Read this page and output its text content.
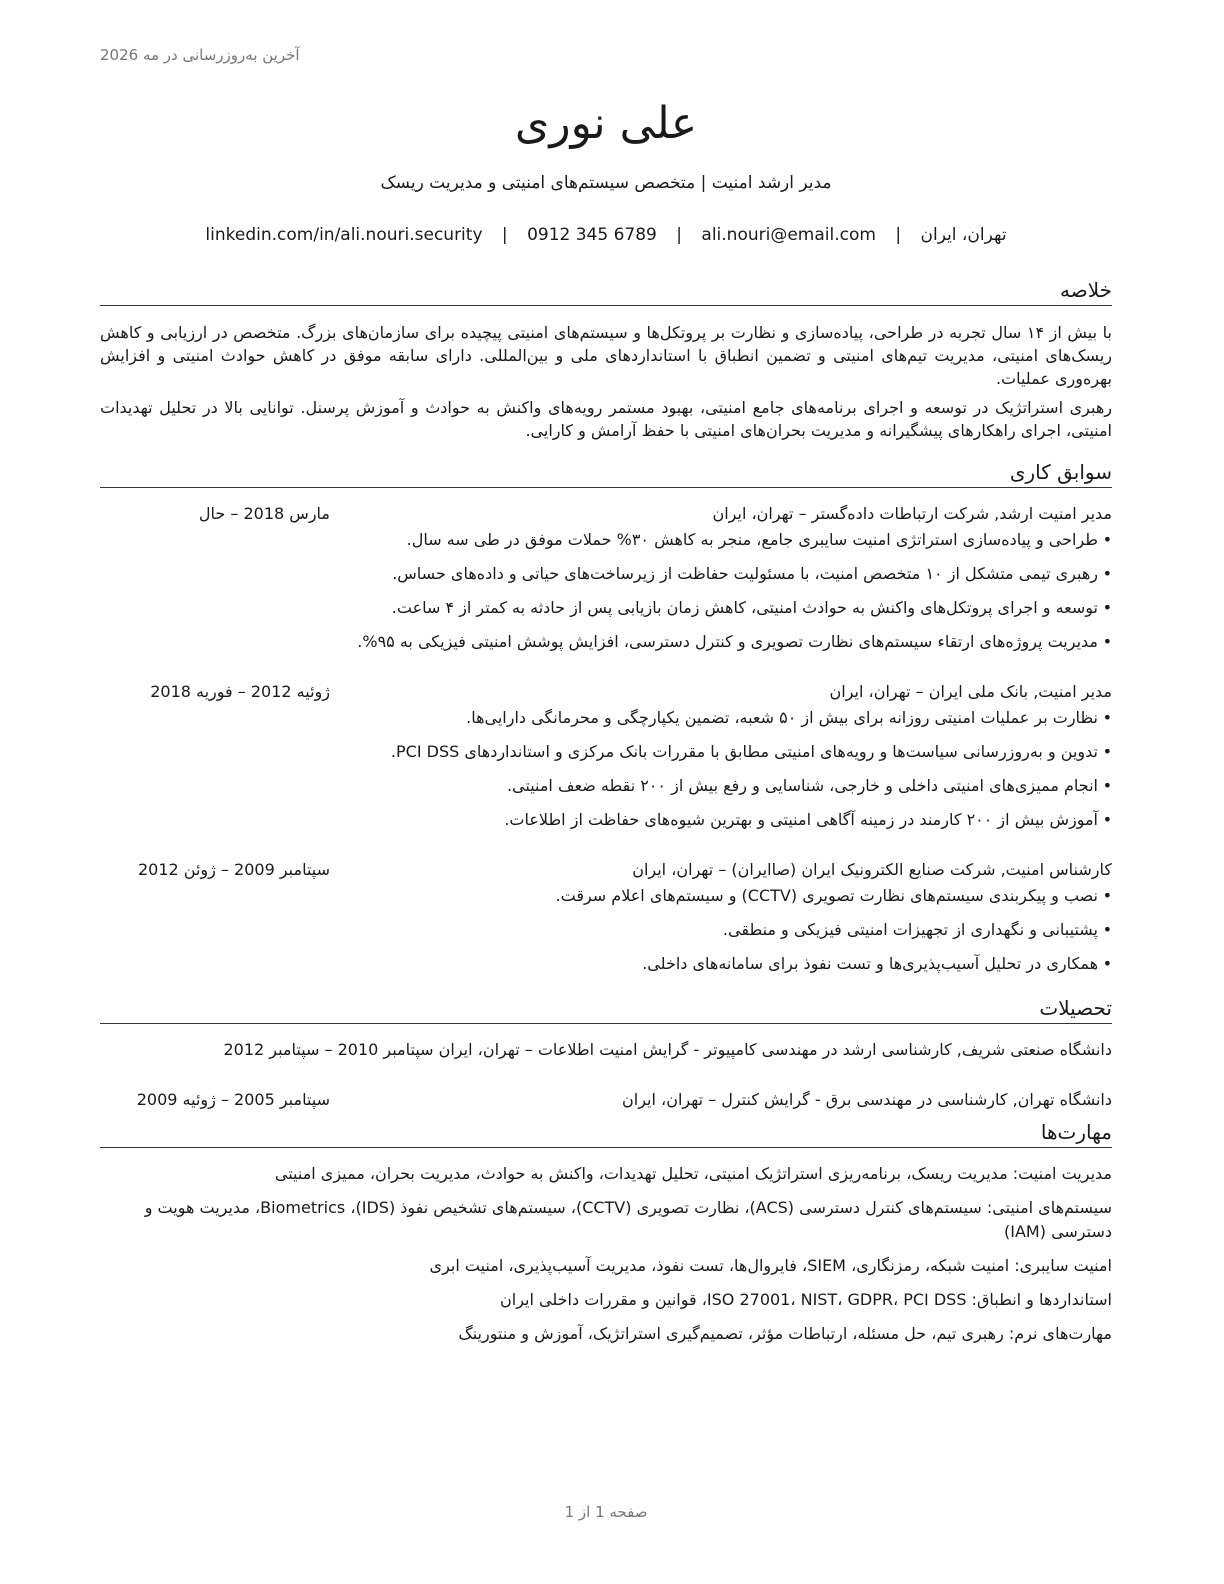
آخرین به‌روزرسانی در مه 2026
علی نوری
مدیر ارشد امنیت | متخصص سیستم‌های امنیتی و مدیریت ریسک
تهران، ایران | ali.nouri@email.com | 0912 345 6789 | linkedin.com/in/ali.nouri.security
خلاصه

با بیش از ۱۴ سال تجربه در طراحی، پیاده‌سازی و نظارت بر پروتکل‌ها و سیستم‌های امنیتی پیچیده برای سازمان‌های بزرگ. متخصص در ارزیابی و کاهش ریسک‌های امنیتی، مدیریت تیم‌های امنیتی و تضمین انطباق با استانداردهای ملی و بین‌المللی. دارای سابقه موفق در کاهش حوادث امنیتی و افزایش بهره‌وری عملیات.

رهبری استراتژیک در توسعه و اجرای برنامه‌های جامع امنیتی، بهبود مستمر رویه‌های واکنش به حوادث و آموزش پرسنل. توانایی بالا در تحلیل تهدیدات امنیتی، اجرای راهکارهای پیشگیرانه و مدیریت بحران‌های امنیتی با حفظ آرامش و کارایی.

سوابق کاری
مدیر امنیت ارشد, شرکت ارتباطات داده‌گستر – تهران، ایران
مارس 2018 – حال
•
طراحی و پیاده‌سازی استراتژی امنیت سایبری جامع، منجر به کاهش ۳۰% حملات موفق در طی سه سال.
•
رهبری تیمی متشکل از ۱۰ متخصص امنیت، با مسئولیت حفاظت از زیرساخت‌های حیاتی و داده‌های حساس.
•
توسعه و اجرای پروتکل‌های واکنش به حوادث امنیتی، کاهش زمان بازیابی پس از حادثه به کمتر از ۴ ساعت.
•
مدیریت پروژه‌های ارتقاء سیستم‌های نظارت تصویری و کنترل دسترسی، افزایش پوشش امنیتی فیزیکی به ۹۵%.
مدیر امنیت, بانک ملی ایران – تهران، ایران
ژوئیه 2012 – فوریه 2018
•
نظارت بر عملیات امنیتی روزانه برای بیش از ۵۰ شعبه، تضمین یکپارچگی و محرمانگی دارایی‌ها.
•
تدوین و به‌روزرسانی سیاست‌ها و رویه‌های امنیتی مطابق با مقررات بانک مرکزی و استانداردهای PCI DSS.
•
انجام ممیزی‌های امنیتی داخلی و خارجی، شناسایی و رفع بیش از ۲۰۰ نقطه ضعف امنیتی.
•
آموزش بیش از ۲۰۰ کارمند در زمینه آگاهی امنیتی و بهترین شیوه‌های حفاظت از اطلاعات.
کارشناس امنیت, شرکت صنایع الکترونیک ایران (صاایران) – تهران، ایران
سپتامبر 2009 – ژوئن 2012
•
نصب و پیکربندی سیستم‌های نظارت تصویری (CCTV) و سیستم‌های اعلام سرقت.
•
پشتیبانی و نگهداری از تجهیزات امنیتی فیزیکی و منطقی.
•
همکاری در تحلیل آسیب‌پذیری‌ها و تست نفوذ برای سامانه‌های داخلی.
تحصیلات
دانشگاه صنعتی شریف, کارشناسی ارشد در مهندسی کامپیوتر - گرایش امنیت اطلاعات – تهران، ایران سپتامبر 2010 – سپتامبر 2012
دانشگاه تهران, کارشناسی در مهندسی برق - گرایش کنترل – تهران، ایران
سپتامبر 2005 – ژوئیه 2009
مهارت‌ها
مدیریت امنیت: مدیریت ریسک، برنامه‌ریزی استراتژیک امنیتی، تحلیل تهدیدات، واکنش به حوادث، مدیریت بحران، ممیزی امنیتی
سیستم‌های امنیتی: سیستم‌های کنترل دسترسی (ACS)، نظارت تصویری (CCTV)، سیستم‌های تشخیص نفوذ (IDS)، Biometrics، مدیریت هویت و دسترسی (IAM)
امنیت سایبری: امنیت شبکه، رمزنگاری، SIEM، فایروال‌ها، تست نفوذ، مدیریت آسیب‌پذیری، امنیت ابری
استانداردها و انطباق: ISO 27001، NIST، GDPR، PCI DSS، قوانین و مقررات داخلی ایران
مهارت‌های نرم: رهبری تیم، حل مسئله، ارتباطات مؤثر، تصمیم‌گیری استراتژیک، آموزش و منتورینگ
صفحه 1 از 1
